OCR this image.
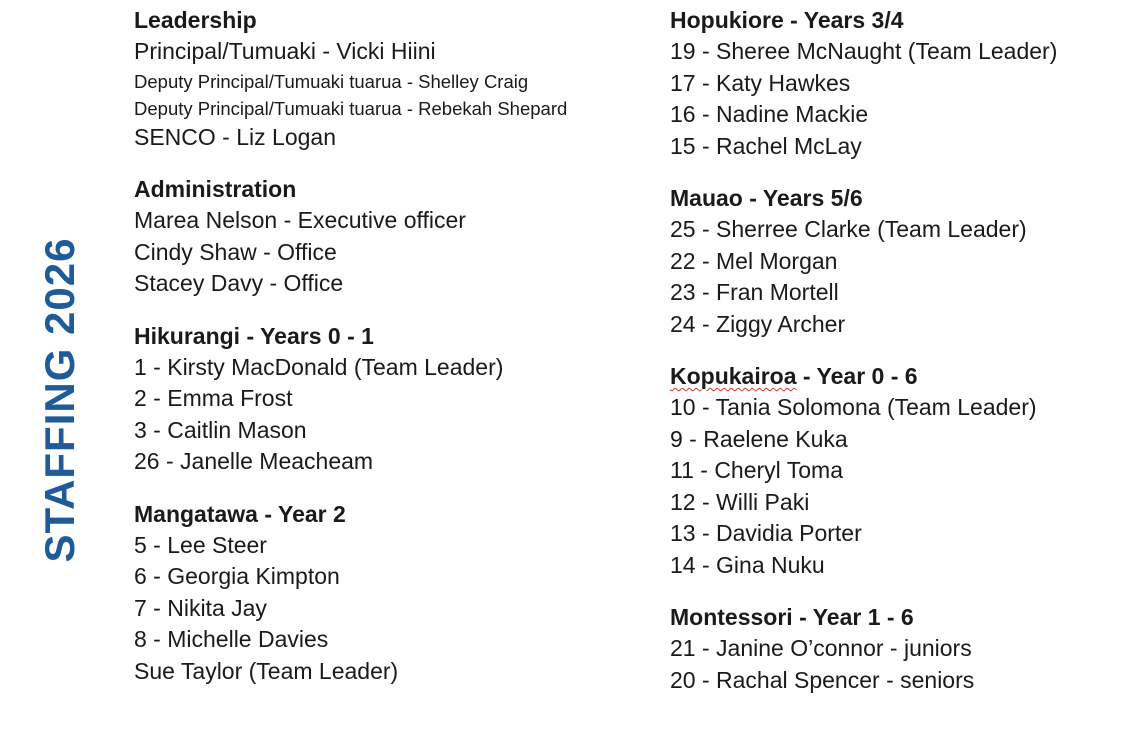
STAFFING 2026
Leadership
Principal/Tumuaki - Vicki Hiini
Deputy Principal/Tumuaki tuarua - Shelley Craig
Deputy Principal/Tumuaki tuarua - Rebekah Shepard
SENCO - Liz Logan
Administration
Marea Nelson - Executive officer
Cindy Shaw - Office
Stacey Davy - Office
Hikurangi - Years 0 - 1
1 - Kirsty MacDonald (Team Leader)
2 - Emma Frost
3 - Caitlin Mason
26 - Janelle Meacheam
Mangatawa - Year 2
5 - Lee Steer
6 - Georgia Kimpton
7 - Nikita Jay
8 - Michelle Davies
Sue Taylor (Team Leader)
Hopukiore - Years 3/4
19 - Sheree McNaught (Team Leader)
17 - Katy Hawkes
16 - Nadine Mackie
15 - Rachel McLay
Mauao - Years 5/6
25 - Sherree Clarke (Team Leader)
22 - Mel Morgan
23 - Fran Mortell
24 - Ziggy Archer
Kopukairoa - Year 0 - 6
10 - Tania Solomona (Team Leader)
9 - Raelene Kuka
11 - Cheryl Toma
12 - Willi Paki
13 - Davidia Porter
14 - Gina Nuku
Montessori - Year 1 - 6
21 - Janine O’connor - juniors
20 - Rachal Spencer - seniors
